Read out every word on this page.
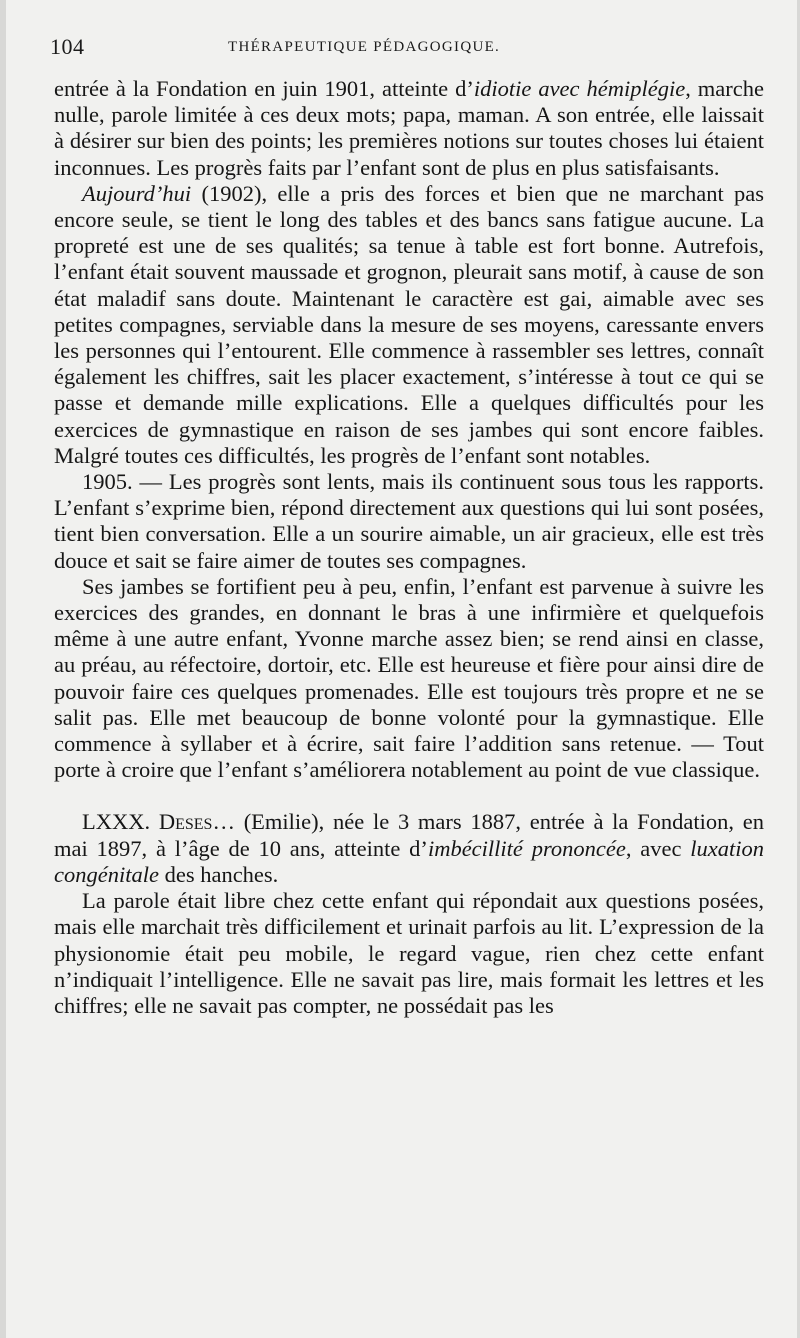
104	THÉRAPEUTIQUE PÉDAGOGIQUE.

entrée à la Fondation en juin 1901, atteinte d’idiotie avec hémiplégie, marche nulle, parole limitée à ces deux mots; papa, maman. A son entrée, elle laissait à désirer sur bien des points; les premières notions sur toutes choses lui étaient inconnues. Les progrès faits par l’enfant sont de plus en plus satisfaisants.

Aujourd’hui (1902), elle a pris des forces et bien que ne marchant pas encore seule, se tient le long des tables et des bancs sans fatigue aucune. La propreté est une de ses qualités; sa tenue à table est fort bonne. Autrefois, l’enfant était souvent maussade et grognon, pleurait sans motif, à cause de son état maladif sans doute. Maintenant le caractère est gai, aimable avec ses petites compagnes, serviable dans la mesure de ses moyens, caressante envers les personnes qui l’entourent. Elle commence à rassembler ses lettres, connaît également les chiffres, sait les placer exactement, s’intéresse à tout ce qui se passe et demande mille explications. Elle a quelques difficultés pour les exercices de gymnastique en raison de ses jambes qui sont encore faibles. Malgré toutes ces difficultés, les progrès de l’enfant sont notables.

1905. — Les progrès sont lents, mais ils continuent sous tous les rapports. L’enfant s’exprime bien, répond directement aux questions qui lui sont posées, tient bien conversation. Elle a un sourire aimable, un air gracieux, elle est très douce et sait se faire aimer de toutes ses compagnes.

Ses jambes se fortifient peu à peu, enfin, l’enfant est parvenue à suivre les exercices des grandes, en donnant le bras à une infirmière et quelquefois même à une autre enfant, Yvonne marche assez bien; se rend ainsi en classe, au préau, au réfectoire, dortoir, etc. Elle est heureuse et fière pour ainsi dire de pouvoir faire ces quelques promenades. Elle est toujours très propre et ne se salit pas. Elle met beaucoup de bonne volonté pour la gymnastique. Elle commence à syllaber et à écrire, sait faire l’addition sans retenue. — Tout porte à croire que l’enfant s’améliorera notablement au point de vue classique.

LXXX. Deses… (Emilie), née le 3 mars 1887, entrée à la Fondation, en mai 1897, à l’âge de 10 ans, atteinte d’imbécillité prononcée, avec luxation congénitale des hanches.

La parole était libre chez cette enfant qui répondait aux questions posées, mais elle marchait très difficilement et urinait parfois au lit. L’expression de la physionomie était peu mobile, le regard vague, rien chez cette enfant n’indiquait l’intelligence. Elle ne savait pas lire, mais formait les lettres et les chiffres; elle ne savait pas compter, ne possédait pas les
